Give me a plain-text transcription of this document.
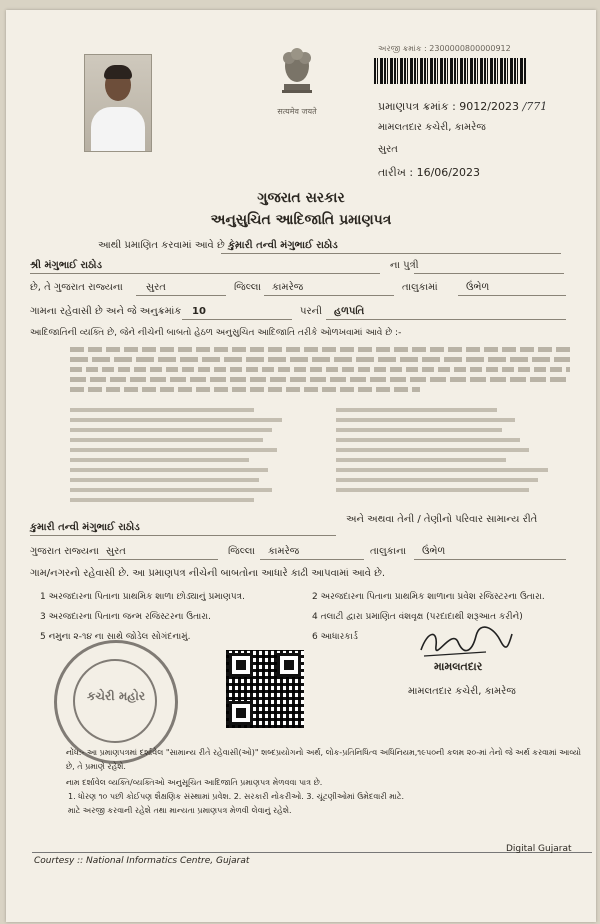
सत्यमेव जयते
અરજી ક્રમાંક : 2300000800000912
પ્રમાણપત્ર ક્રમાંક : 9012/2023 /771
મામલતદાર કચેરી, કામરેજ
સુરત
તારીખ : 16/06/2023
ગુજરાત સરકાર
અનુસુચિત આદિજાતિ પ્રમાણપત્ર
આથી પ્રમાણિત કરવામાં આવે છે કે,
કુમારી તન્વી મંગુભાઈ રાઠોડ
શ્રી મંગુભાઈ રાઠોડ	ના પુત્રી
છે, તે ગુજરાત રાજ્યના સુરત	જિલ્લા કામરેજ	તાલુકામાં	ઉંભેળ
ગામના રહેવાસી છે અને જે અનુક્રમાંક 10	પરની હળપતિ
આદિજાતિની વ્યક્તિ છે, જેને નીચેની બાબતો હેઠળ અનુસુચિત આદિજાતિ તરીકે ઓળખવામાં આવે છે :-
કુમારી તન્વી મંગુભાઈ રાઠોડ
અને અથવા તેની / તેણીનો પરિવાર સામાન્ય રીતે
ગુજરાત રાજ્યના સુરત	જિલ્લા કામરેજ	તાલુકાના ઉંભેળ
ગામ/નગરનો રહેવાસી છે. આ પ્રમાણપત્ર નીચેની બાબતોના આધારે કાઢી આપવામાં આવે છે.
1 અરજદારના પિતાના પ્રાથમિક શાળા છોડ્યાનું પ્રમાણપત્ર.	2 અરજદારના પિતાના પ્રાથમિક શાળાના પ્રવેશ રજિસ્ટરના ઉતારા.
3 અરજદારના પિતાના જન્મ રજિસ્ટરના ઉતારા.	4 તલાટી દ્વારા પ્રમાણિત વંશવૃક્ષ (પરદાદાથી શરૂઆત કરીને)
5 નમુના ૨-૧૪ ના સાથે જોડેલ સોગંદનામું.	6 આધારકાર્ડ
કચેરી મહોર
મામલતદાર
મામલતદાર કચેરી, કામરેજ
નોંધ:- આ પ્રમાણપત્રમાં દર્શાવેલ "સામાન્ય રીતે રહેવાસી(ઓ)" શબ્દપ્રયોગનો અર્થ, લોક-પ્રતિનિધિત્વ અધિનિયમ,૧૯૫૦ની કલમ ૨૦-માં તેનો જે અર્થ કરવામાં આવ્યો છે, તે પ્રમાણે રહેશે.
નામ દર્શાવેલ વ્યક્તિ/વ્યક્તિઓ અનુસૂચિત આદિજાતિ પ્રમાણપત્ર મેળવવા પાત્ર છે.
1. ધોરણ ૧૦ પછી કોઈપણ શૈક્ષણિક સંસ્થામાં પ્રવેશ. 2. સરકારી નોકરીઓ. 3. ચૂંટણીઓમાં ઉમેદવારી માટે.
માટે અરજી કરવાની રહેશે તથા માન્યતા પ્રમાણપત્ર મેળવી લેવાનું રહેશે.
Courtesy :: National Informatics Centre, Gujarat
Digital Gujarat
